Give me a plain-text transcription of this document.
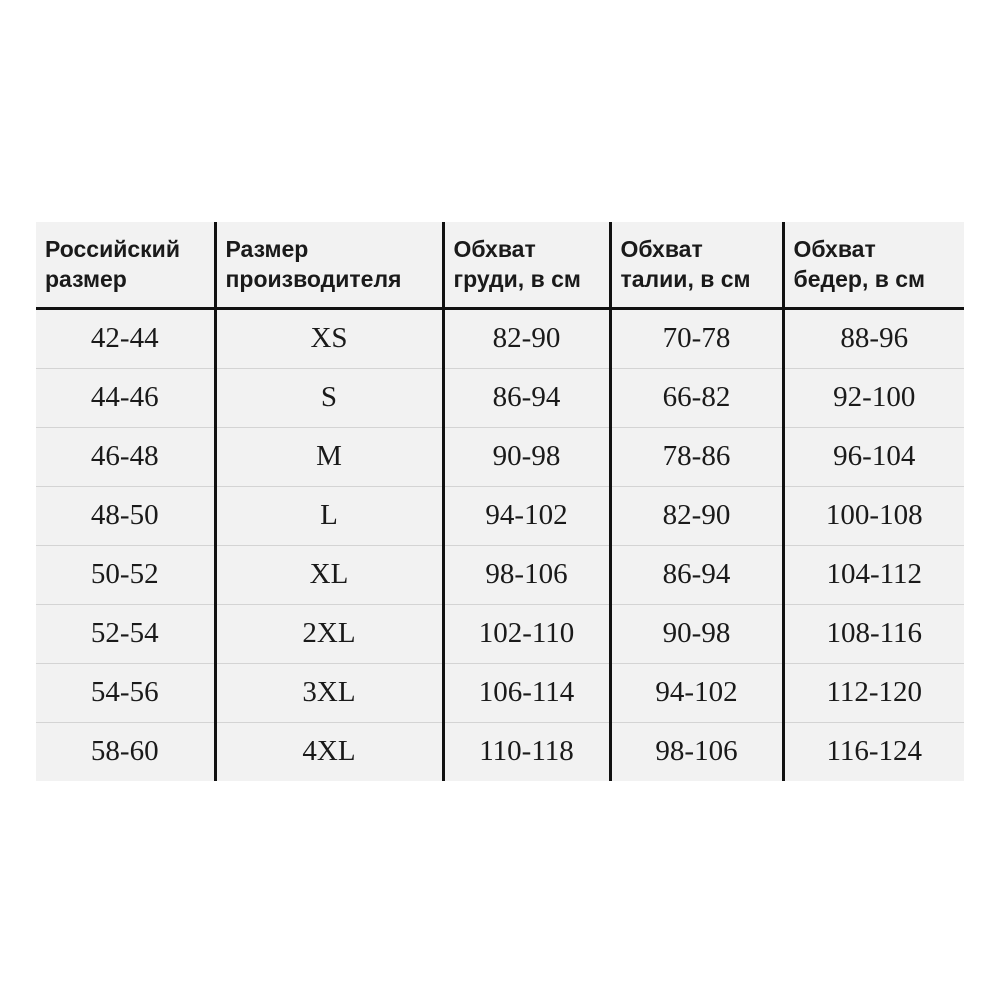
Российский размер	Размер производителя	Обхват груди, в см	Обхват талии, в см	Обхват бедер, в см
42-44	XS	82-90	70-78	88-96
44-46	S	86-94	66-82	92-100
46-48	M	90-98	78-86	96-104
48-50	L	94-102	82-90	100-108
50-52	XL	98-106	86-94	104-112
52-54	2XL	102-110	90-98	108-116
54-56	3XL	106-114	94-102	112-120
58-60	4XL	110-118	98-106	116-124
